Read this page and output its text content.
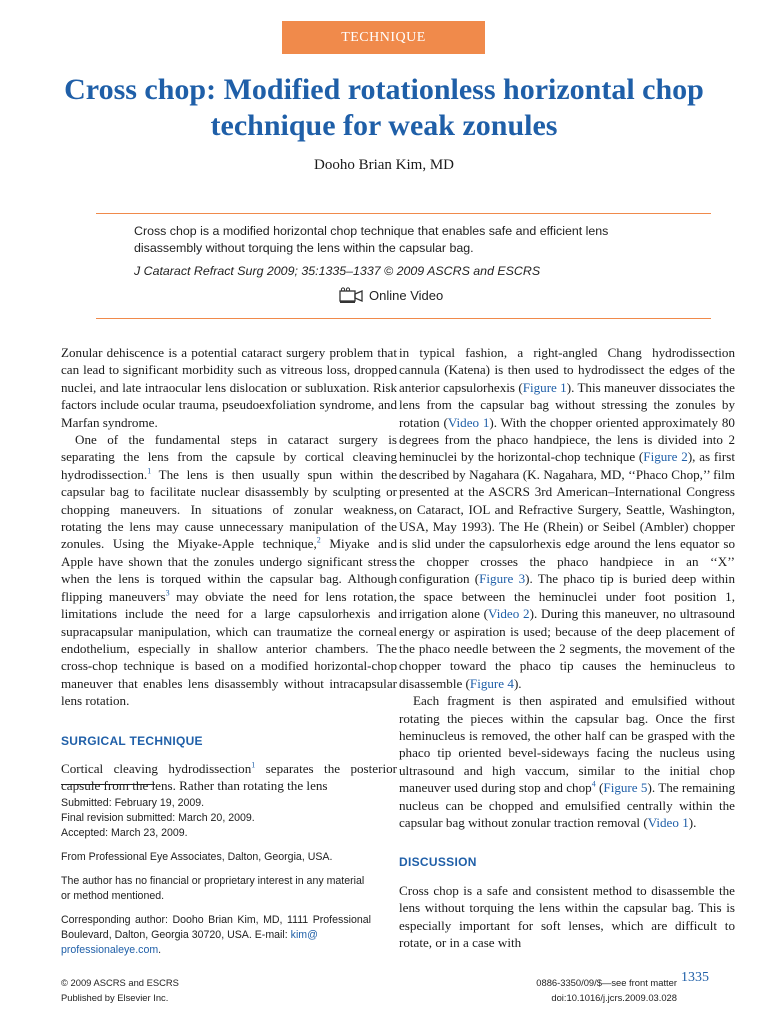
TECHNIQUE
Cross chop: Modified rotationless horizontal chop technique for weak zonules
Dooho Brian Kim, MD
Cross chop is a modified horizontal chop technique that enables safe and efficient lens disassembly without torquing the lens within the capsular bag.
J Cataract Refract Surg 2009; 35:1335–1337 © 2009 ASCRS and ESCRS
Online Video

Zonular dehiscence is a potential cataract surgery problem that can lead to significant morbidity such as vitreous loss, dropped nuclei, and late intraocular lens dislocation or subluxation. Risk factors include ocular trauma, pseudoexfoliation syndrome, and Marfan syndrome.

One of the fundamental steps in cataract surgery is separating the lens from the capsule by cortical cleaving hydrodissection.$^1$ The lens is then usually spun within the capsular bag to facilitate nuclear disassembly by sculpting or chopping maneuvers. In situations of zonular weakness, rotating the lens may cause unnecessary manipulation of the zonules. Using the Miyake-Apple technique,$^2$ Miyake and Apple have shown that the zonules undergo significant stress when the lens is torqued within the capsular bag. Although flipping maneuvers$^3$ may obviate the need for lens rotation, limitations include the need for a large capsulorhexis and supracapsular manipulation, which can traumatize the corneal endothelium, especially in shallow anterior chambers. The cross-chop technique is based on a modified horizontal-chop maneuver that enables lens disassembly without intracapsular lens rotation.

SURGICAL TECHNIQUE

Cortical cleaving hydrodissection$^1$ separates the posterior capsule from the lens. Rather than rotating the lens

in typical fashion, a right-angled Chang hydrodissection cannula (Katena) is then used to hydrodissect the edges of the anterior capsulorhexis (Figure 1). This maneuver dissociates the lens from the capsular bag without stressing the zonules by rotation (Video 1). With the chopper oriented approximately 80 degrees from the phaco handpiece, the lens is divided into 2 heminuclei by the horizontal-chop technique (Figure 2), as first described by Nagahara (K. Nagahara, MD, ‘‘Phaco Chop,’’ film presented at the ASCRS 3rd American–International Congress on Cataract, IOL and Refractive Surgery, Seattle, Washington, USA, May 1993). The He (Rhein) or Seibel (Ambler) chopper is slid under the capsulorhexis edge around the lens equator so the chopper crosses the phaco handpiece in an ‘‘X’’ configuration (Figure 3). The phaco tip is buried deep within the space between the heminuclei under foot position 1, irrigation alone (Video 2). During this maneuver, no ultrasound energy or aspiration is used; because of the deep placement of the phaco needle between the 2 segments, the movement of the chopper toward the phaco tip causes the heminucleus to disassemble (Figure 4).

Each fragment is then aspirated and emulsified without rotating the pieces within the capsular bag. Once the first heminucleus is removed, the other half can be grasped with the phaco tip oriented bevel-sideways facing the nucleus using ultrasound and high vaccum, similar to the initial chop maneuver used during stop and chop$^4$ (Figure 5). The remaining nucleus can be chopped and emulsified centrally within the capsular bag without zonular traction removal (Video 1).

DISCUSSION

Cross chop is a safe and consistent method to disassemble the lens without torquing the lens within the capsular bag. This is especially important for soft lenses, which are difficult to rotate, or in a case with

Submitted: February 19, 2009.
Final revision submitted: March 20, 2009.
Accepted: March 23, 2009.
From Professional Eye Associates, Dalton, Georgia, USA.
The author has no financial or proprietary interest in any material or method mentioned.
Corresponding author: Dooho Brian Kim, MD, 1111 Professional Boulevard, Dalton, Georgia 30720, USA. E-mail: kim@
professionaleye.com.
© 2009 ASCRS and ESCRS
Published by Elsevier Inc.
0886-3350/09/$—see front matter
doi:10.1016/j.jcrs.2009.03.028
1335
